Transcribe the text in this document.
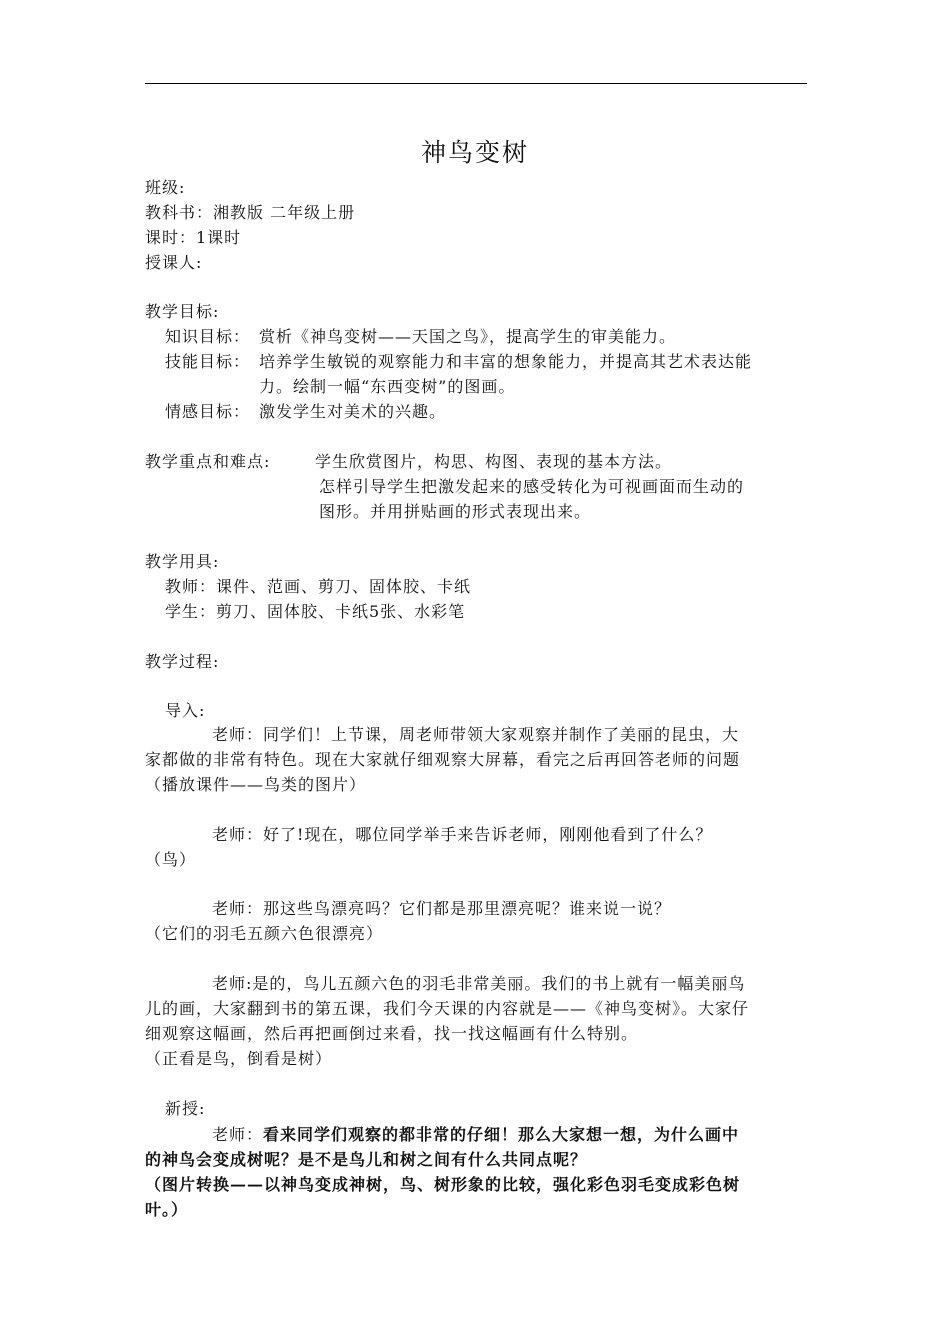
神鸟变树
班级:
教科书：湘教版 二年级上册
课时：1课时
授课人:
教学目标:
知识目标： 赏析《神鸟变树——天国之鸟》，提高学生的审美能力。
技能目标： 培养学生敏锐的观察能力和丰富的想象能力，并提高其艺术表达能
力。绘制一幅“东西变树”的图画。
情感目标： 激发学生对美术的兴趣。
教学重点和难点:	学生欣赏图片，构思、构图、表现的基本方法。
怎样引导学生把激发起来的感受转化为可视画面而生动的
图形。并用拼贴画的形式表现出来。
教学用具:
教师：课件、范画、剪刀、固体胶、卡纸
学生：剪刀、固体胶、卡纸5张、水彩笔
教学过程:
导入:
老师：同学们！上节课，周老师带领大家观察并制作了美丽的昆虫，大
家都做的非常有特色。现在大家就仔细观察大屏幕，看完之后再回答老师的问题
（播放课件——鸟类的图片）
老师：好了!现在，哪位同学举手来告诉老师，刚刚他看到了什么？
（鸟）
老师：那这些鸟漂亮吗？它们都是那里漂亮呢？谁来说一说？
（它们的羽毛五颜六色很漂亮）
老师:是的，鸟儿五颜六色的羽毛非常美丽。我们的书上就有一幅美丽鸟
儿的画，大家翻到书的第五课，我们今天课的内容就是——《神鸟变树》。大家仔
细观察这幅画，然后再把画倒过来看，找一找这幅画有什么特别。
（正看是鸟，倒看是树）
新授:
老师：看来同学们观察的都非常的仔细！那么大家想一想，为什么画中
的神鸟会变成树呢？是不是鸟儿和树之间有什么共同点呢？
（图片转换——以神鸟变成神树，鸟、树形象的比较，强化彩色羽毛变成彩色树
叶。）
